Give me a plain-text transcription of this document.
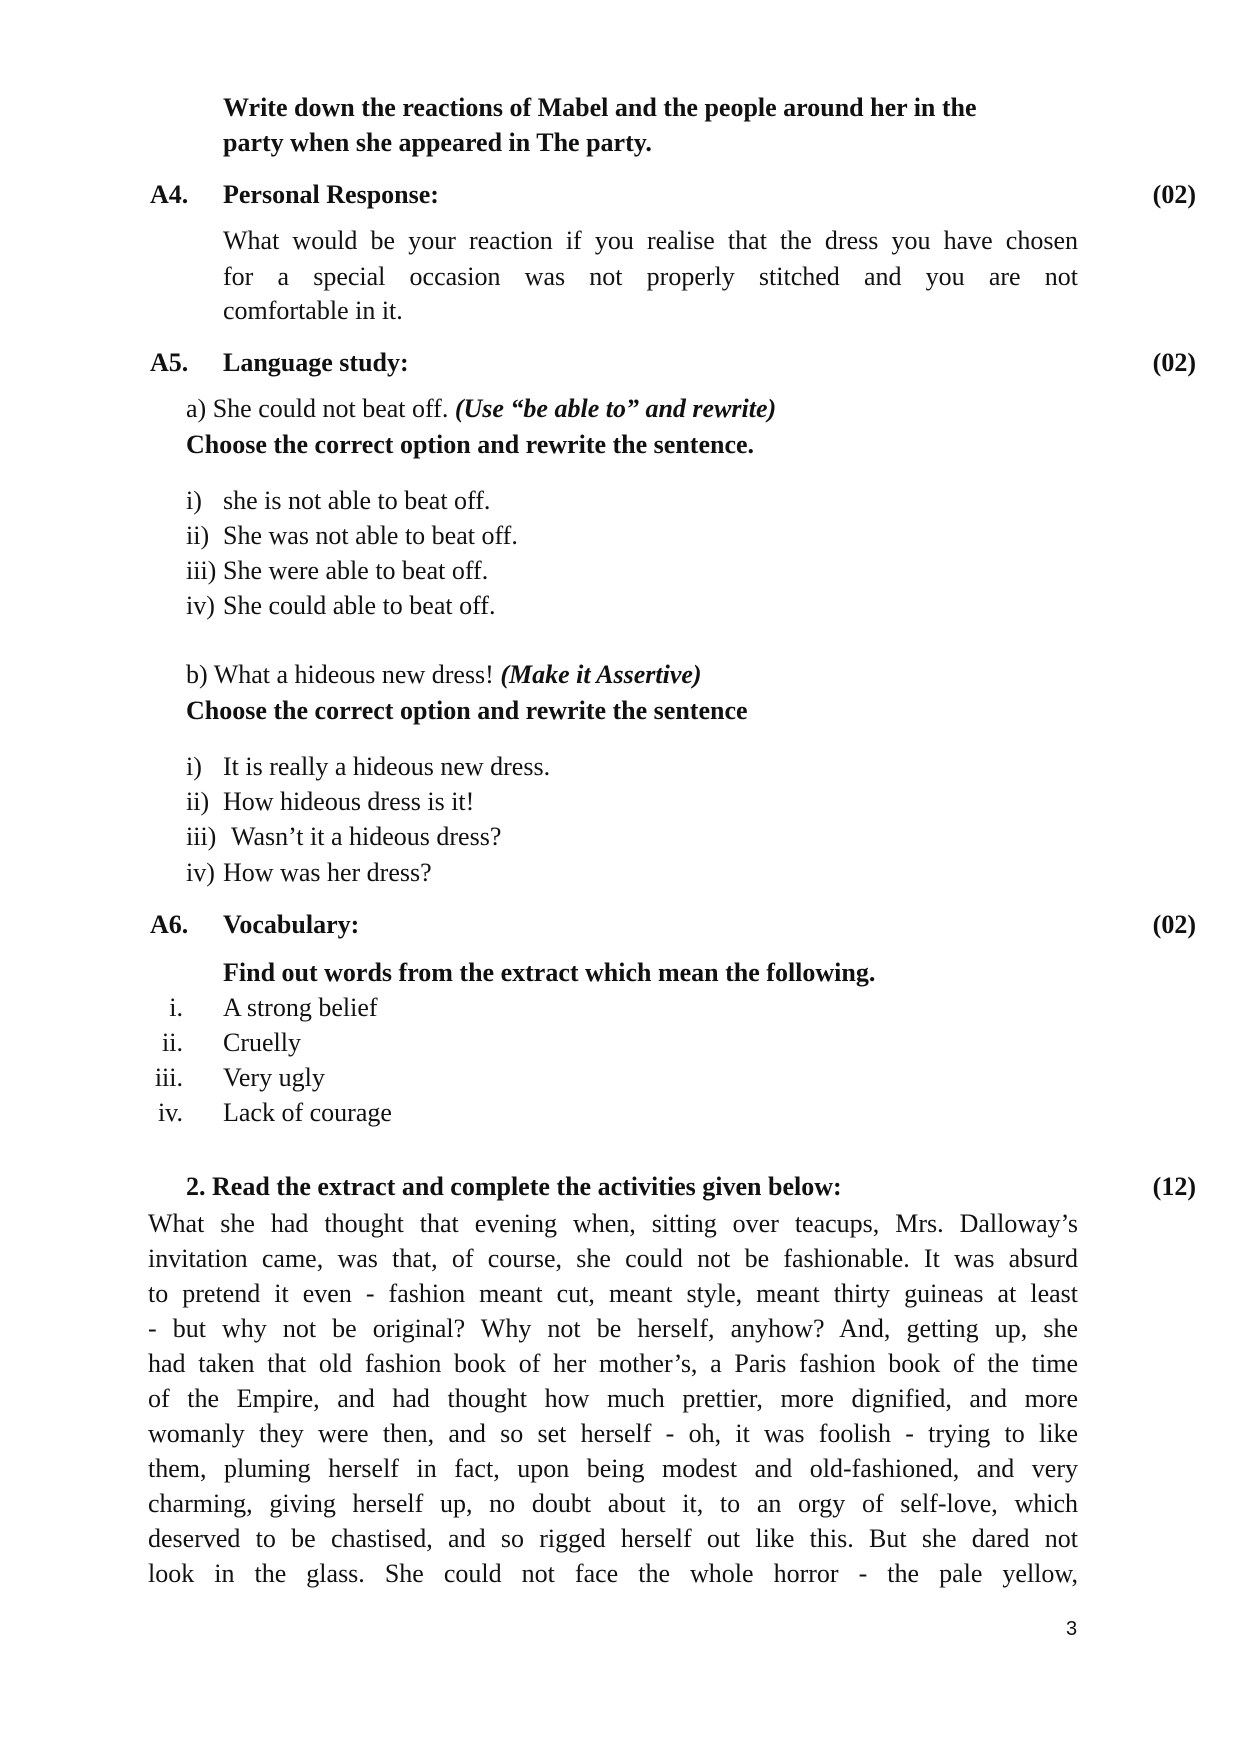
Write down the reactions of Mabel and the people around her in the
party when she appeared in The party.
A4. Personal Response:	(02)
What would be your reaction if you realise that the dress you have chosen
for a special occasion was not properly stitched and you are not
comfortable in it.
A5. Language study:	(02)
a) She could not beat off. (Use “be able to” and rewrite)
Choose the correct option and rewrite the sentence.
i) she is not able to beat off.
ii) She was not able to beat off.
iii) She were able to beat off.
iv) She could able to beat off.
b) What a hideous new dress! (Make it Assertive)
Choose the correct option and rewrite the sentence
i) It is really a hideous new dress.
ii) How hideous dress is it!
iii) Wasn’t it a hideous dress?
iv) How was her dress?
A6. Vocabulary:	(02)
Find out words from the extract which mean the following.
i. A strong belief
ii. Cruelly
iii. Very ugly
iv. Lack of courage
2. Read the extract and complete the activities given below:	(12)
What she had thought that evening when, sitting over teacups, Mrs. Dalloway’s
invitation came, was that, of course, she could not be fashionable. It was absurd
to pretend it even - fashion meant cut, meant style, meant thirty guineas at least
- but why not be original? Why not be herself, anyhow? And, getting up, she
had taken that old fashion book of her mother’s, a Paris fashion book of the time
of the Empire, and had thought how much prettier, more dignified, and more
womanly they were then, and so set herself - oh, it was foolish - trying to like
them, pluming herself in fact, upon being modest and old-fashioned, and very
charming, giving herself up, no doubt about it, to an orgy of self-love, which
deserved to be chastised, and so rigged herself out like this. But she dared not
look in the glass. She could not face the whole horror - the pale yellow,
3
